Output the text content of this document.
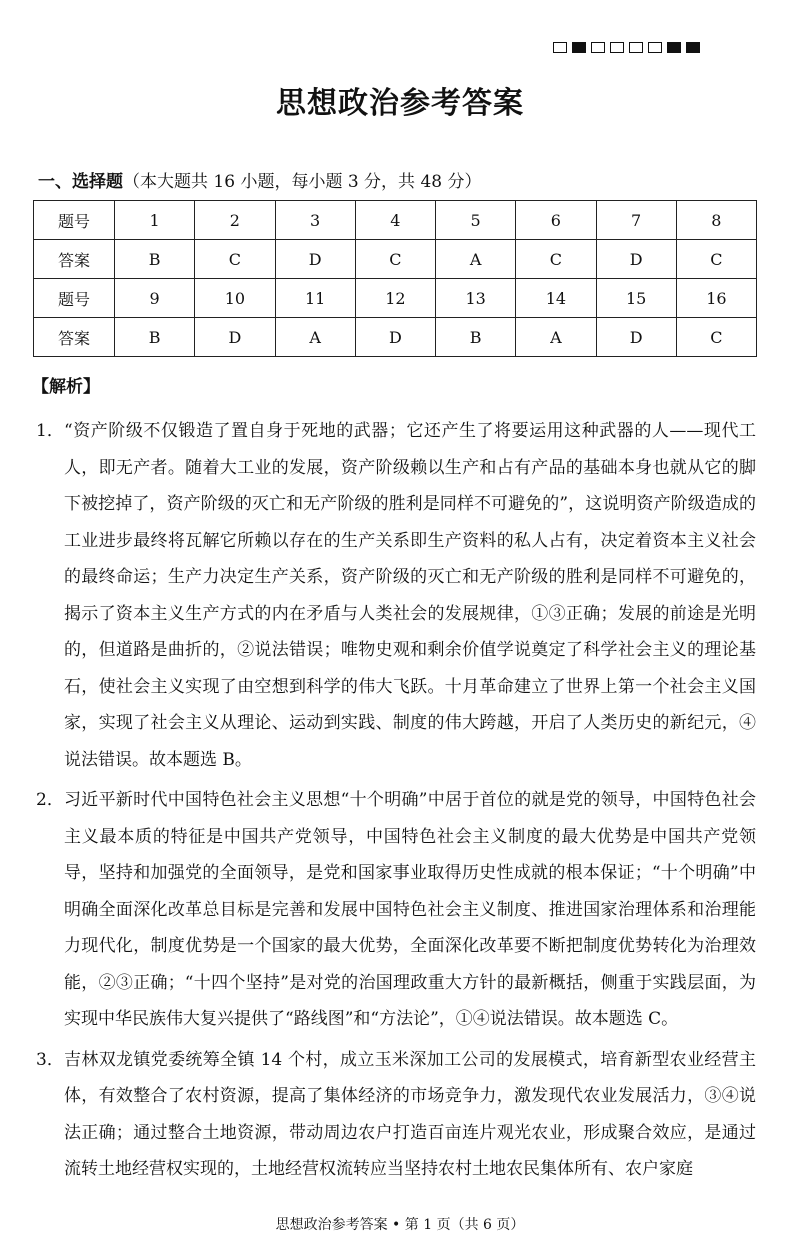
思想政治参考答案
一、选择题（本大题共 16 小题，每小题 3 分，共 48 分）
题号	1	2	3	4	5	6	7	8
答案	B	C	D	C	A	C	D	C
题号	9	10	11	12	13	14	15	16
答案	B	D	A	D	B	A	D	C
【解析】
1． “资产阶级不仅锻造了置自身于死地的武器；它还产生了将要运用这种武器的人——现代工人，即无产者。随着大工业的发展，资产阶级赖以生产和占有产品的基础本身也就从它的脚下被挖掉了，资产阶级的灭亡和无产阶级的胜利是同样不可避免的”，这说明资产阶级造成的工业进步最终将瓦解它所赖以存在的生产关系即生产资料的私人占有，决定着资本主义社会的最终命运；生产力决定生产关系，资产阶级的灭亡和无产阶级的胜利是同样不可避免的，揭示了资本主义生产方式的内在矛盾与人类社会的发展规律，①③正确；发展的前途是光明的，但道路是曲折的，②说法错误；唯物史观和剩余价值学说奠定了科学社会主义的理论基石，使社会主义实现了由空想到科学的伟大飞跃。十月革命建立了世界上第一个社会主义国家，实现了社会主义从理论、运动到实践、制度的伟大跨越，开启了人类历史的新纪元，④说法错误。故本题选 B。
2． 习近平新时代中国特色社会主义思想“十个明确”中居于首位的就是党的领导，中国特色社会主义最本质的特征是中国共产党领导，中国特色社会主义制度的最大优势是中国共产党领导，坚持和加强党的全面领导，是党和国家事业取得历史性成就的根本保证；“十个明确”中明确全面深化改革总目标是完善和发展中国特色社会主义制度、推进国家治理体系和治理能力现代化，制度优势是一个国家的最大优势，全面深化改革要不断把制度优势转化为治理效能，②③正确；“十四个坚持”是对党的治国理政重大方针的最新概括，侧重于实践层面，为实现中华民族伟大复兴提供了“路线图”和“方法论”，①④说法错误。故本题选 C。
3． 吉林双龙镇党委统筹全镇 14 个村，成立玉米深加工公司的发展模式，培育新型农业经营主体，有效整合了农村资源，提高了集体经济的市场竞争力，激发现代农业发展活力，③④说法正确；通过整合土地资源，带动周边农户打造百亩连片观光农业，形成聚合效应，是通过流转土地经营权实现的，土地经营权流转应当坚持农村土地农民集体所有、农户家庭
思想政治参考答案 • 第 1 页（共 6 页）
